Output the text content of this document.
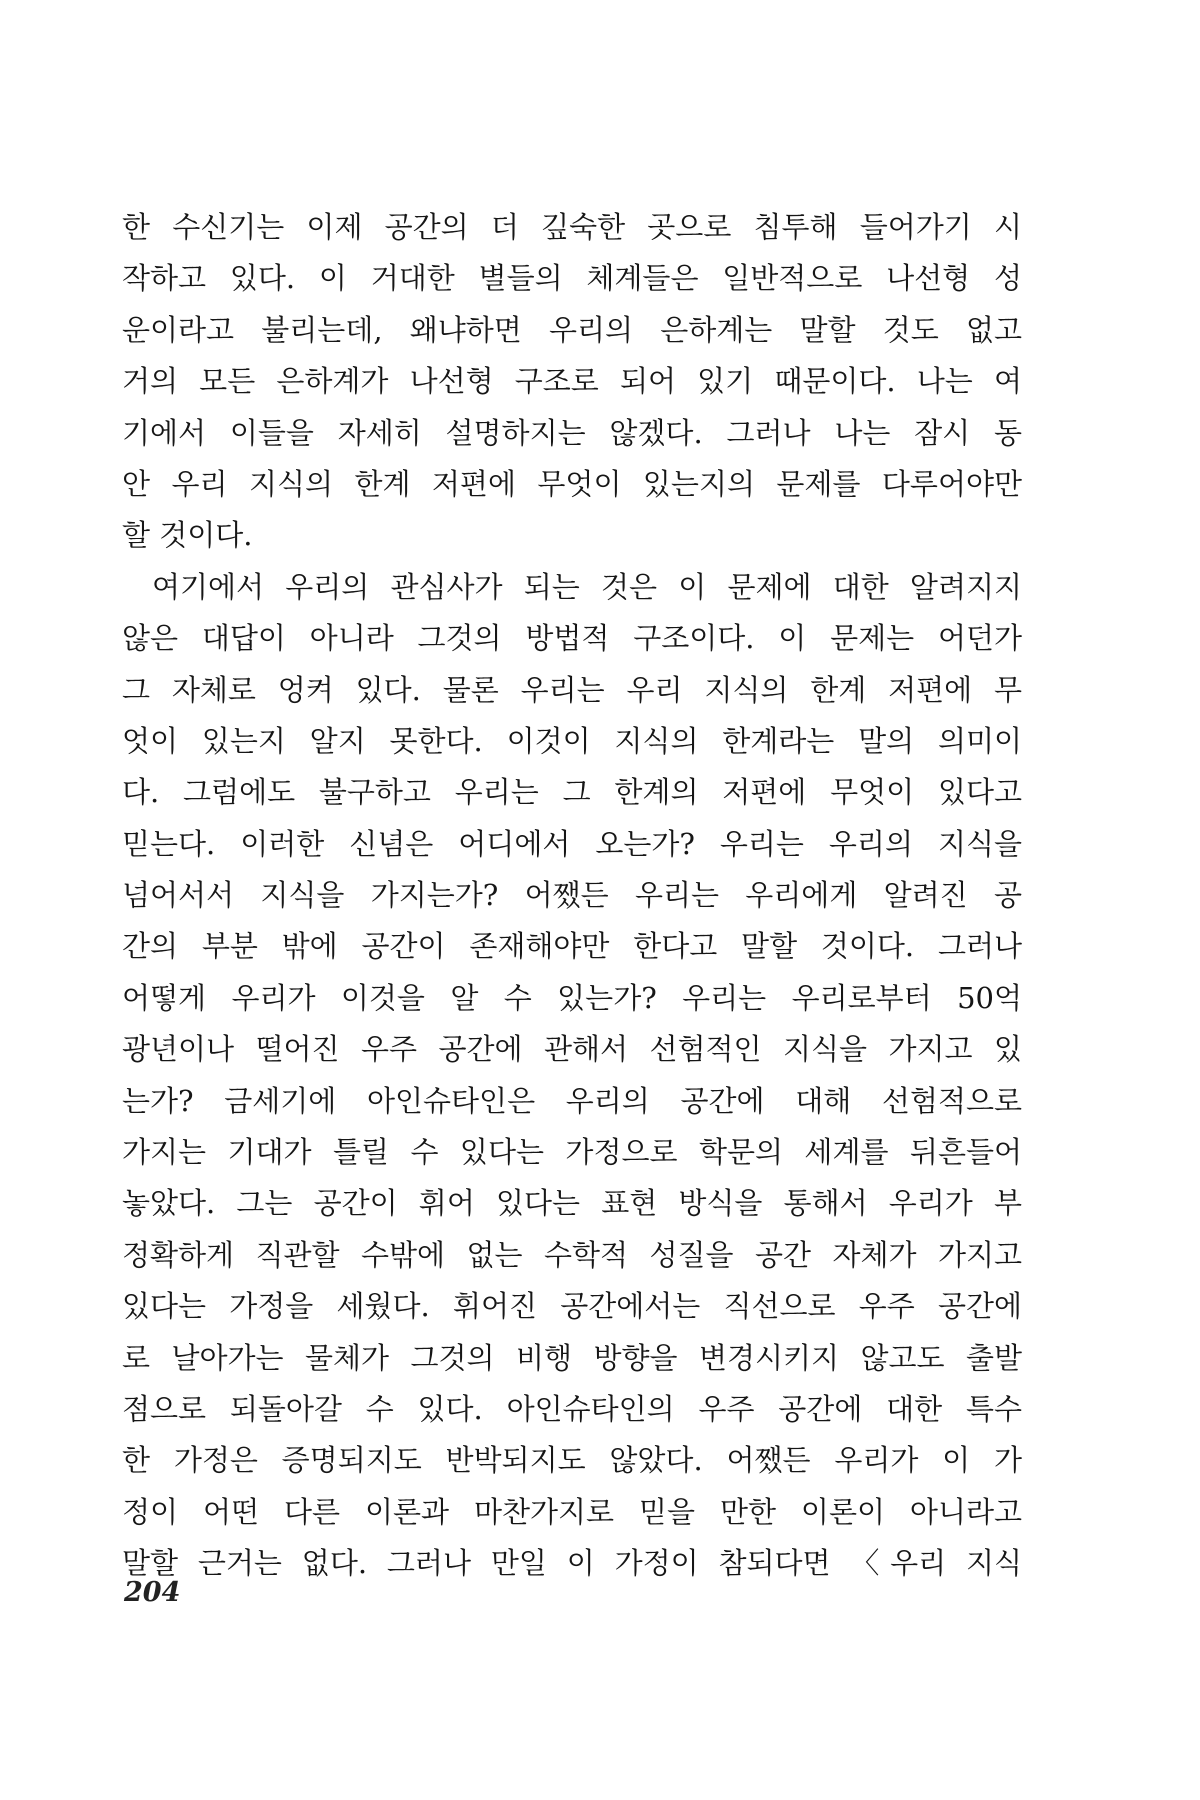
한 수신기는 이제 공간의 더 깊숙한 곳으로 침투해 들어가기 시
작하고 있다. 이 거대한 별들의 체계들은 일반적으로 나선형 성
운이라고 불리는데, 왜냐하면 우리의 은하계는 말할 것도 없고
거의 모든 은하계가 나선형 구조로 되어 있기 때문이다. 나는 여
기에서 이들을 자세히 설명하지는 않겠다. 그러나 나는 잠시 동
안 우리 지식의 한계 저편에 무엇이 있는지의 문제를 다루어야만
할 것이다.
여기에서 우리의 관심사가 되는 것은 이 문제에 대한 알려지지
않은 대답이 아니라 그것의 방법적 구조이다. 이 문제는 어던가
그 자체로 엉켜 있다. 물론 우리는 우리 지식의 한계 저편에 무
엇이 있는지 알지 못한다. 이것이 지식의 한계라는 말의 의미이
다. 그럼에도 불구하고 우리는 그 한계의 저편에 무엇이 있다고
믿는다. 이러한 신념은 어디에서 오는가? 우리는 우리의 지식을
넘어서서 지식을 가지는가? 어쨌든 우리는 우리에게 알려진 공
간의 부분 밖에 공간이 존재해야만 한다고 말할 것이다. 그러나
어떻게 우리가 이것을 알 수 있는가? 우리는 우리로부터 50억
광년이나 떨어진 우주 공간에 관해서 선험적인 지식을 가지고 있
는가? 금세기에 아인슈타인은 우리의 공간에 대해 선험적으로
가지는 기대가 틀릴 수 있다는 가정으로 학문의 세계를 뒤흔들어
놓았다. 그는 공간이 휘어 있다는 표현 방식을 통해서 우리가 부
정확하게 직관할 수밖에 없는 수학적 성질을 공간 자체가 가지고
있다는 가정을 세웠다. 휘어진 공간에서는 직선으로 우주 공간에
로 날아가는 물체가 그것의 비행 방향을 변경시키지 않고도 출발
점으로 되돌아갈 수 있다. 아인슈타인의 우주 공간에 대한 특수
한 가정은 증명되지도 반박되지도 않았다. 어쨌든 우리가 이 가
정이 어떤 다른 이론과 마찬가지로 믿을 만한 이론이 아니라고
말할 근거는 없다. 그러나 만일 이 가정이 참되다면 〈우리 지식
204
